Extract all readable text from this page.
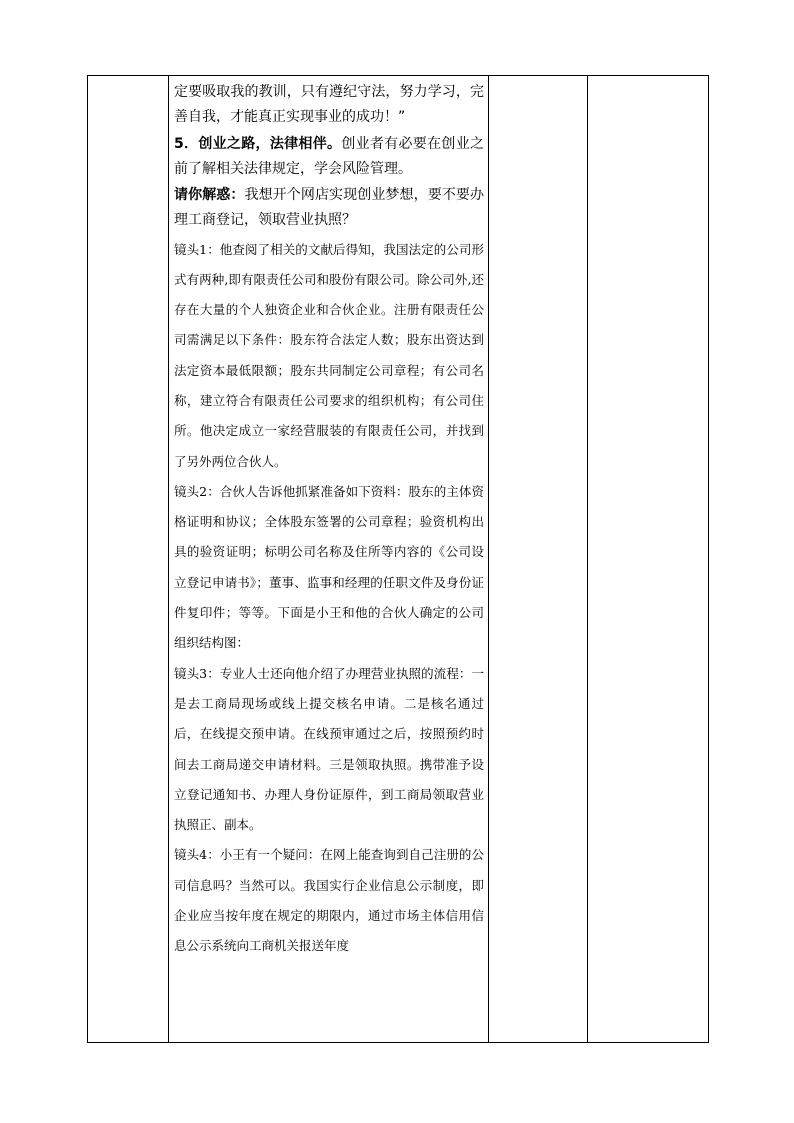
定要吸取我的教训，只有遵纪守法，努力学习，完善自我，才能真正实现事业的成功！”

5．创业之路，法律相伴。创业者有必要在创业之前了解相关法律规定，学会风险管理。

请你解惑：我想开个网店实现创业梦想，要不要办理工商登记，领取营业执照？

镜头1：他查阅了相关的文献后得知，我国法定的公司形式有两种,即有限责任公司和股份有限公司。除公司外,还存在大量的个人独资企业和合伙企业。注册有限责任公司需满足以下条件：股东符合法定人数；股东出资达到法定资本最低限额；股东共同制定公司章程；有公司名称，建立符合有限责任公司要求的组织机构；有公司住所。他决定成立一家经营服装的有限责任公司，并找到了另外两位合伙人。

镜头2：合伙人告诉他抓紧准备如下资料：股东的主体资格证明和协议；全体股东签署的公司章程；验资机构出具的验资证明；标明公司名称及住所等内容的《公司设立登记申请书》；董事、监事和经理的任职文件及身份证件复印件；等等。下面是小王和他的合伙人确定的公司组织结构图：

镜头3：专业人士还向他介绍了办理营业执照的流程：一是去工商局现场或线上提交核名申请。二是核名通过后，在线提交预申请。在线预审通过之后，按照预约时间去工商局递交申请材料。三是领取执照。携带准予设立登记通知书、办理人身份证原件，到工商局领取营业执照正、副本。

镜头4：小王有一个疑问：在网上能查询到自己注册的公司信息吗？当然可以。我国实行企业信息公示制度，即企业应当按年度在规定的期限内，通过市场主体信用信息公示系统向工商机关报送年度
